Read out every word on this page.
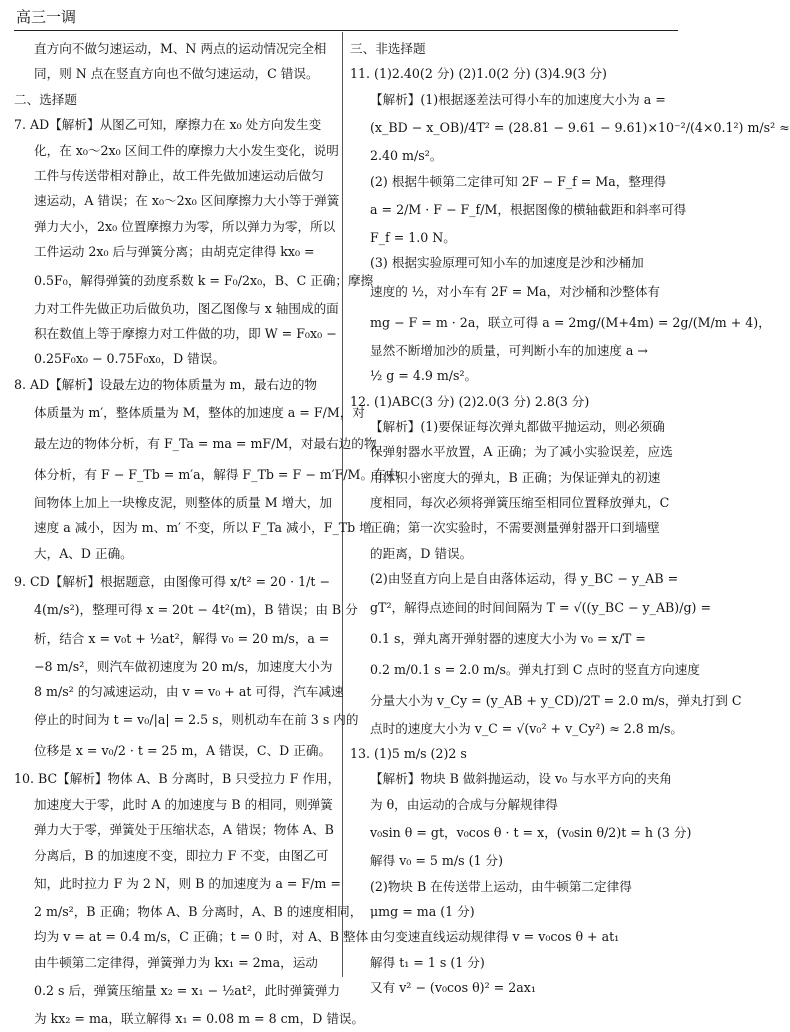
高三一调
直方向不做匀速运动，M、N 两点的运动情况完全相
同，则 N 点在竖直方向也不做匀速运动，C 错误。
二、选择题
7. AD【解析】从图乙可知，摩擦力在 x₀ 处方向发生变
化，在 x₀～2x₀ 区间工件的摩擦力大小发生变化，说明
工件与传送带相对静止，故工件先做加速运动后做匀
速运动，A 错误；在 x₀～2x₀ 区间摩擦力大小等于弹簧
弹力大小，2x₀ 位置摩擦力为零，所以弹力为零，所以
工件运动 2x₀ 后与弹簧分离；由胡克定律得 kx₀ =
0.5F₀，解得弹簧的劲度系数 k = F₀/2x₀，B、C 正确；摩擦
力对工件先做正功后做负功，图乙图像与 x 轴围成的面
积在数值上等于摩擦力对工件做的功，即 W = F₀x₀ −
0.25F₀x₀ − 0.75F₀x₀，D 错误。
8. AD【解析】设最左边的物体质量为 m，最右边的物
体质量为 m′，整体质量为 M，整体的加速度 a = F/M，对
最左边的物体分析，有 F_Ta = ma = mF/M，对最右边的物
体分析，有 F − F_Tb = m′a，解得 F_Tb = F − m′F/M。在中
间物体上加上一块橡皮泥，则整体的质量 M 增大，加
速度 a 减小，因为 m、m′ 不变，所以 F_Ta 减小，F_Tb 增
大，A、D 正确。
9. CD【解析】根据题意，由图像可得 x/t² = 20 · 1/t −
4(m/s²)，整理可得 x = 20t − 4t²(m)，B 错误；由 B 分
析，结合 x = v₀t + ½at²，解得 v₀ = 20 m/s，a =
−8 m/s²，则汽车做初速度为 20 m/s，加速度大小为
8 m/s² 的匀减速运动，由 v = v₀ + at 可得，汽车减速
停止的时间为 t = v₀/|a| = 2.5 s，则机动车在前 3 s 内的
位移是 x = v₀/2 · t = 25 m，A 错误，C、D 正确。
10. BC【解析】物体 A、B 分离时，B 只受拉力 F 作用，
加速度大于零，此时 A 的加速度与 B 的相同，则弹簧
弹力大于零，弹簧处于压缩状态，A 错误；物体 A、B
分离后，B 的加速度不变，即拉力 F 不变，由图乙可
知，此时拉力 F 为 2 N，则 B 的加速度为 a = F/m =
2 m/s²，B 正确；物体 A、B 分离时，A、B 的速度相同，
均为 v = at = 0.4 m/s，C 正确；t = 0 时，对 A、B 整体
由牛顿第二定律得，弹簧弹力为 kx₁ = 2ma，运动
0.2 s 后，弹簧压缩量 x₂ = x₁ − ½at²，此时弹簧弹力
为 kx₂ = ma，联立解得 x₁ = 0.08 m = 8 cm，D 错误。
三、非选择题
11. (1)2.40(2 分) (2)1.0(2 分) (3)4.9(3 分)
【解析】(1)根据逐差法可得小车的加速度大小为 a =
(x_BD − x_OB)/4T² = (28.81 − 9.61 − 9.61)×10⁻²/(4×0.1²) m/s² ≈
2.40 m/s²。
(2) 根据牛顿第二定律可知 2F − F_f = Ma，整理得
a = 2/M · F − F_f/M，根据图像的横轴截距和斜率可得
F_f = 1.0 N。
(3) 根据实验原理可知小车的加速度是沙和沙桶加
速度的 ½，对小车有 2F = Ma，对沙桶和沙整体有
mg − F = m · 2a，联立可得 a = 2mg/(M+4m) = 2g/(M/m + 4)，
显然不断增加沙的质量，可判断小车的加速度 a →
½ g = 4.9 m/s²。
12. (1)ABC(3 分) (2)2.0(3 分) 2.8(3 分)
【解析】(1)要保证每次弹丸都做平抛运动，则必须确
保弹射器水平放置，A 正确；为了减小实验误差，应选
用体积小密度大的弹丸，B 正确；为保证弹丸的初速
度相同，每次必须将弹簧压缩至相同位置释放弹丸，C
正确；第一次实验时，不需要测量弹射器开口到墙壁
的距离，D 错误。
(2)由竖直方向上是自由落体运动，得 y_BC − y_AB =
gT²，解得点迹间的时间间隔为 T = √((y_BC − y_AB)/g) =
0.1 s，弹丸离开弹射器的速度大小为 v₀ = x/T =
0.2 m/0.1 s = 2.0 m/s。弹丸打到 C 点时的竖直方向速度
分量大小为 v_Cy = (y_AB + y_CD)/2T = 2.0 m/s，弹丸打到 C
点时的速度大小为 v_C = √(v₀² + v_Cy²) ≈ 2.8 m/s。
13. (1)5 m/s (2)2 s
【解析】物块 B 做斜抛运动，设 v₀ 与水平方向的夹角
为 θ，由运动的合成与分解规律得
v₀sin θ = gt，v₀cos θ · t = x，(v₀sin θ/2)t = h (3 分)
解得 v₀ = 5 m/s (1 分)
(2)物块 B 在传送带上运动，由牛顿第二定律得
μmg = ma (1 分)
由匀变速直线运动规律得 v = v₀cos θ + at₁
解得 t₁ = 1 s (1 分)
又有 v² − (v₀cos θ)² = 2ax₁
